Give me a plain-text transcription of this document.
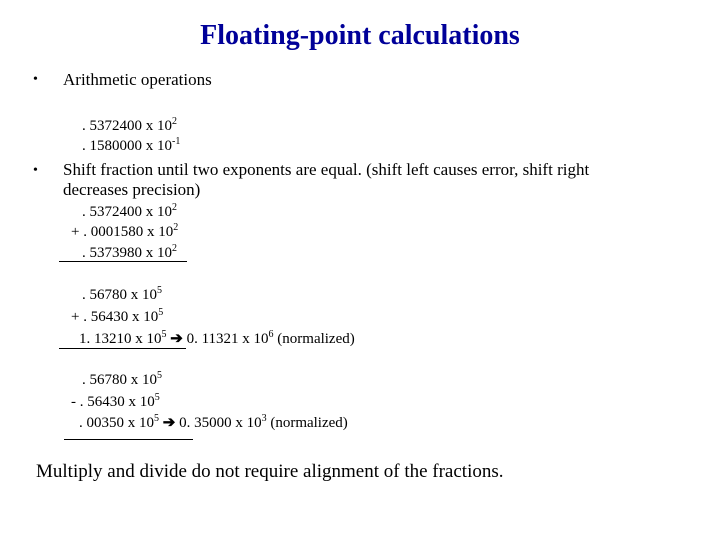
Floating-point calculations
• Arithmetic operations
. 5372400 x $10^2$
. 1580000 x $10^{-1}$
• Shift fraction until two exponents are equal. (shift left causes error, shift right
decreases precision)
. 5372400 x $10^2$
+ . 0001580 x $10^2$
. 5373980 x $10^2$
. 56780 x $10^5$
+ . 56430 x $10^5$
1. 13210 x $10^5$ ➔ 0. 11321 x $10^6$ (normalized)
. 56780 x $10^5$
- . 56430 x $10^5$
. 00350 x $10^5$ ➔ 0. 35000 x $10^3$ (normalized)
Multiply and divide do not require alignment of the fractions.
